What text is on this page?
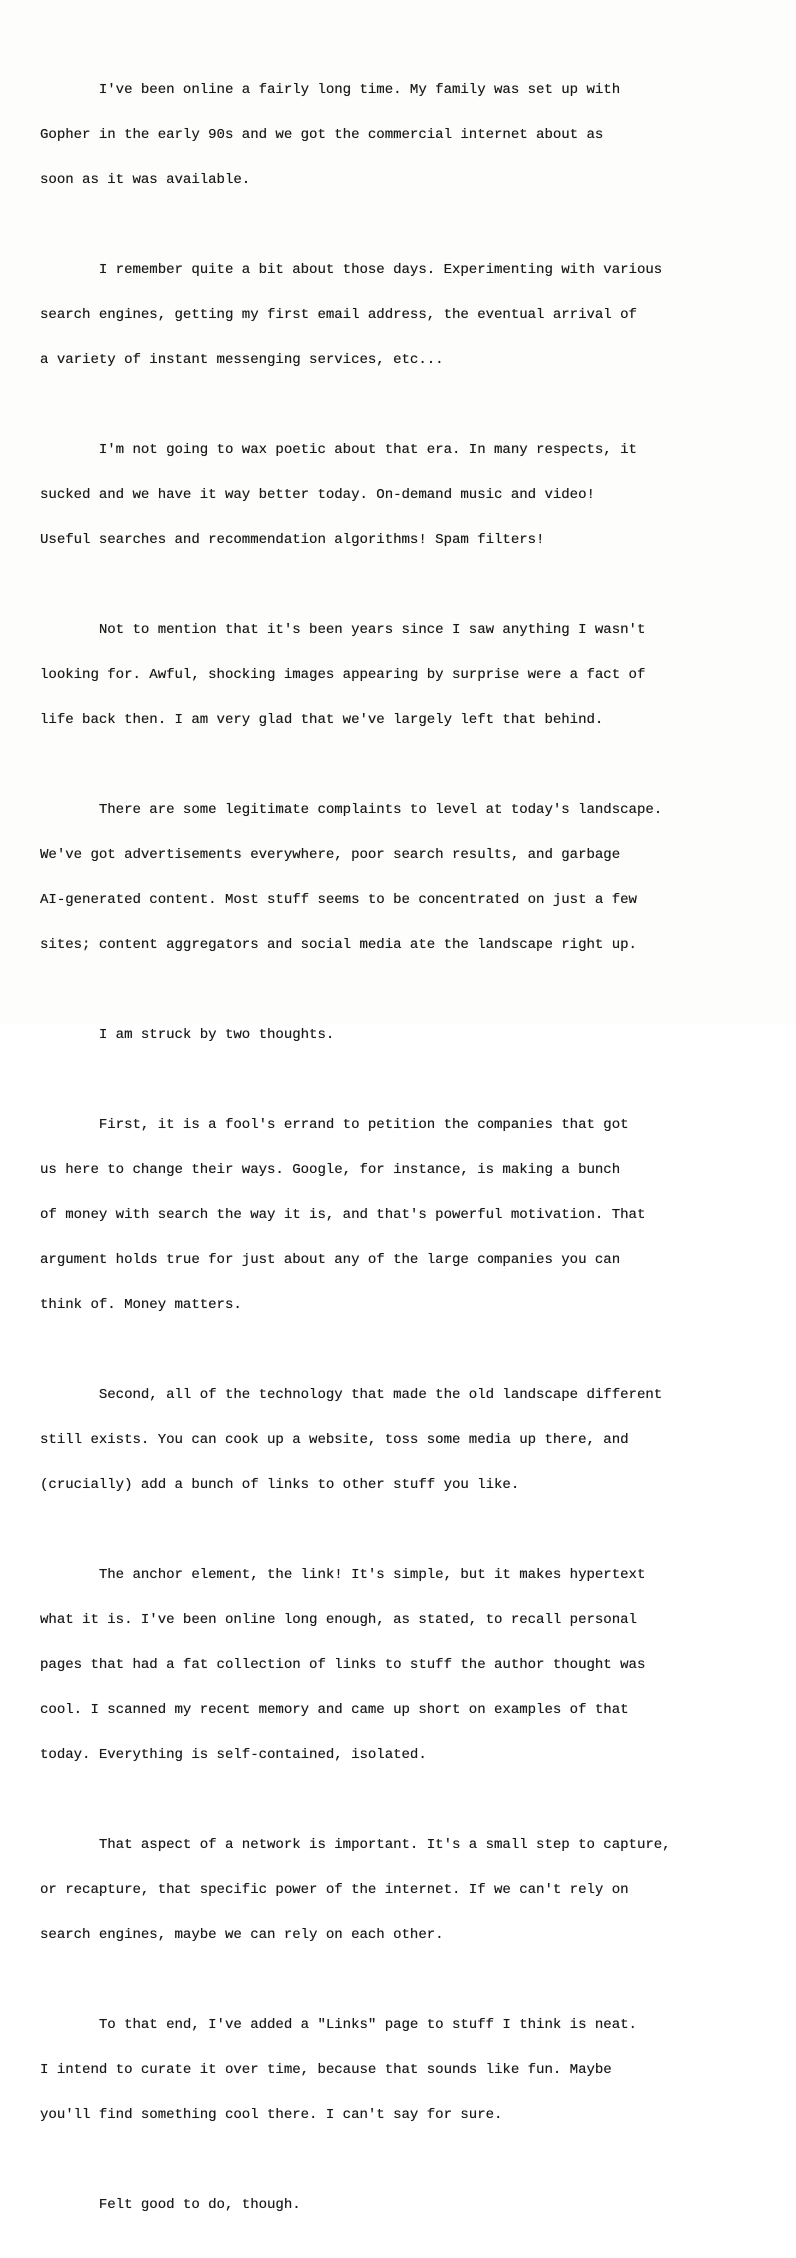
I've been online a fairly long time. My family was set up with

Gopher in the early 90s and we got the commercial internet about as

soon as it was available.

I remember quite a bit about those days. Experimenting with various

search engines, getting my first email address, the eventual arrival of

a variety of instant messenging services, etc...

I'm not going to wax poetic about that era. In many respects, it

sucked and we have it way better today. On-demand music and video!

Useful searches and recommendation algorithms! Spam filters!

Not to mention that it's been years since I saw anything I wasn't

looking for. Awful, shocking images appearing by surprise were a fact of

life back then. I am very glad that we've largely left that behind.

There are some legitimate complaints to level at today's landscape.

We've got advertisements everywhere, poor search results, and garbage

AI-generated content. Most stuff seems to be concentrated on just a few

sites; content aggregators and social media ate the landscape right up.

I am struck by two thoughts.

First, it is a fool's errand to petition the companies that got

us here to change their ways. Google, for instance, is making a bunch

of money with search the way it is, and that's powerful motivation. That

argument holds true for just about any of the large companies you can

think of. Money matters.

Second, all of the technology that made the old landscape different

still exists. You can cook up a website, toss some media up there, and

(crucially) add a bunch of links to other stuff you like.

The anchor element, the link! It's simple, but it makes hypertext

what it is. I've been online long enough, as stated, to recall personal

pages that had a fat collection of links to stuff the author thought was

cool. I scanned my recent memory and came up short on examples of that

today. Everything is self-contained, isolated.

That aspect of a network is important. It's a small step to capture,

or recapture, that specific power of the internet. If we can't rely on

search engines, maybe we can rely on each other.

To that end, I've added a "Links" page to stuff I think is neat.

I intend to curate it over time, because that sounds like fun. Maybe

you'll find something cool there. I can't say for sure.

Felt good to do, though.
